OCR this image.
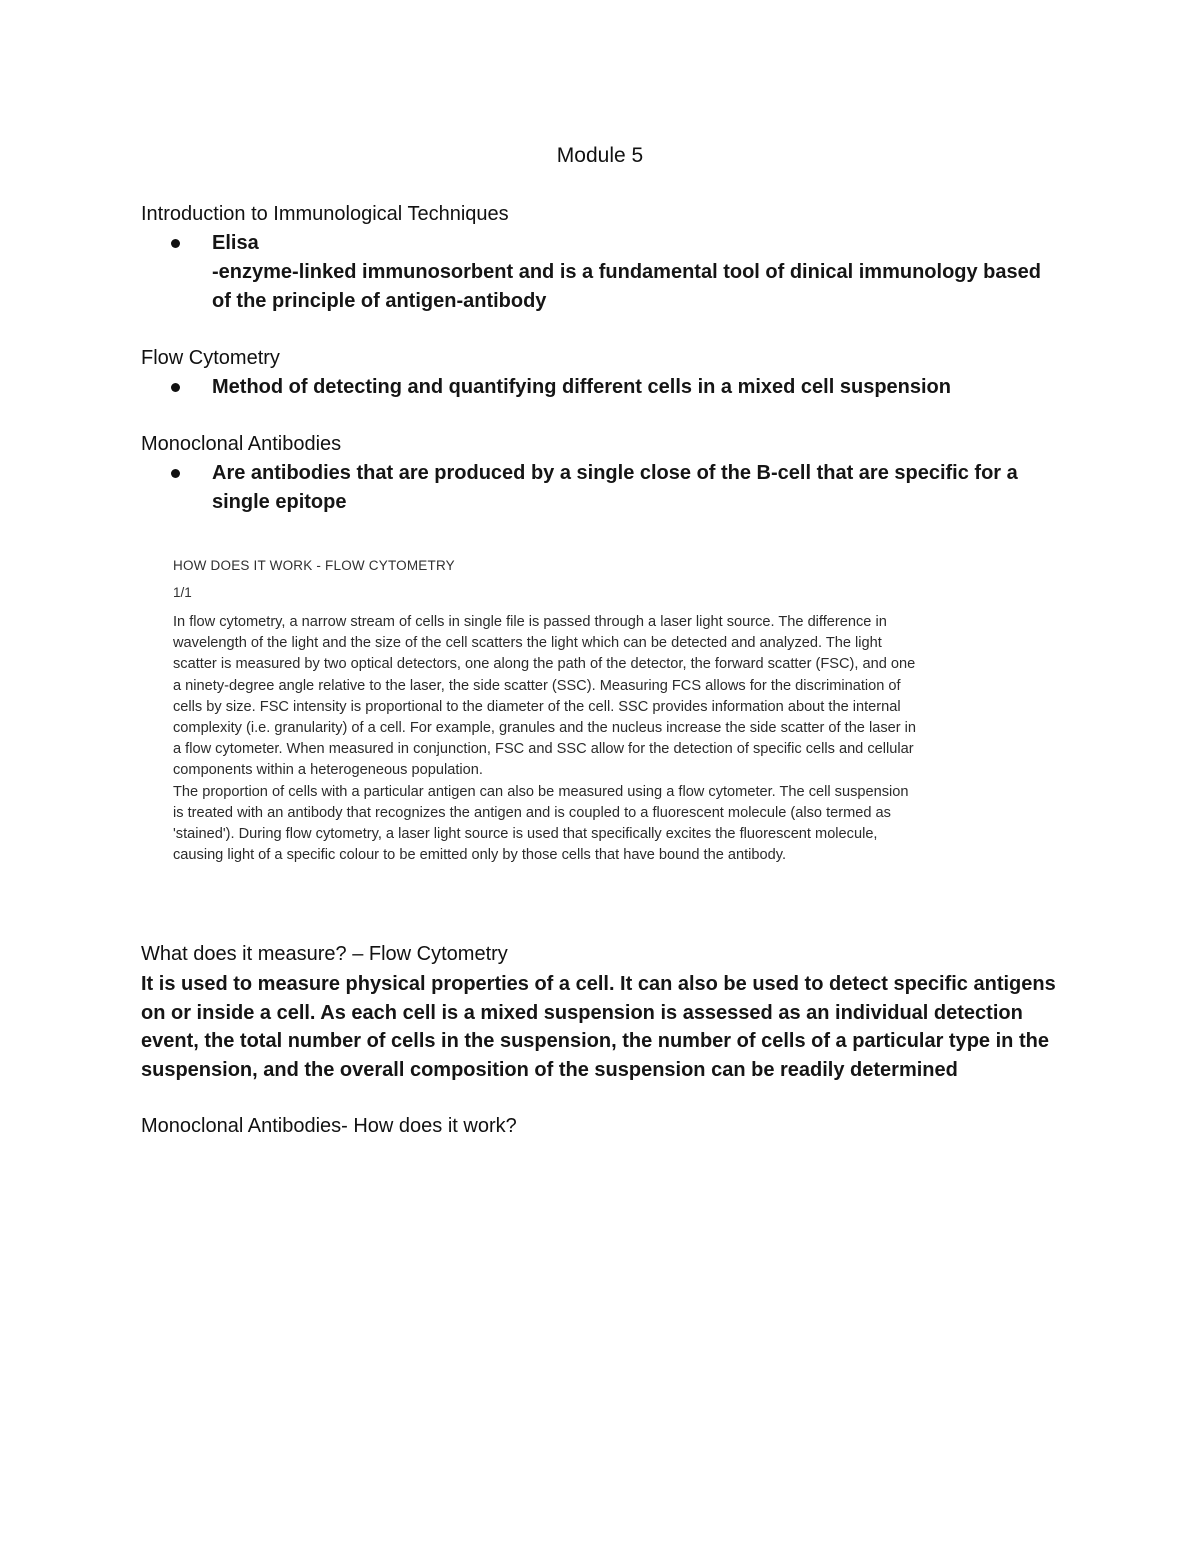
Module 5
Introduction to Immunological Techniques
Elisa
-enzyme-linked immunosorbent and is a fundamental tool of dinical immunology based
of the principle of antigen-antibody
Flow Cytometry
Method of detecting and quantifying different cells in a mixed cell suspension
Monoclonal Antibodies
Are antibodies that are produced by a single close of the B-cell that are specific for a
single epitope
HOW DOES IT WORK - FLOW CYTOMETRY
1/1
In flow cytometry, a narrow stream of cells in single file is passed through a laser light source. The difference in wavelength of the light and the size of the cell scatters the light which can be detected and analyzed. The light scatter is measured by two optical detectors, one along the path of the detector, the forward scatter (FSC), and one a ninety-degree angle relative to the laser, the side scatter (SSC). Measuring FCS allows for the discrimination of cells by size. FSC intensity is proportional to the diameter of the cell. SSC provides information about the internal complexity (i.e. granularity) of a cell. For example, granules and the nucleus increase the side scatter of the laser in a flow cytometer. When measured in conjunction, FSC and SSC allow for the detection of specific cells and cellular components within a heterogeneous population.
The proportion of cells with a particular antigen can also be measured using a flow cytometer. The cell suspension is treated with an antibody that recognizes the antigen and is coupled to a fluorescent molecule (also termed as 'stained'). During flow cytometry, a laser light source is used that specifically excites the fluorescent molecule, causing light of a specific colour to be emitted only by those cells that have bound the antibody.
What does it measure? – Flow Cytometry
It is used to measure physical properties of a cell. It can also be used to detect specific antigens on or inside a cell. As each cell is a mixed suspension is assessed as an individual detection event, the total number of cells in the suspension, the number of cells of a particular type in the suspension, and the overall composition of the suspension can be readily determined
Monoclonal Antibodies- How does it work?
